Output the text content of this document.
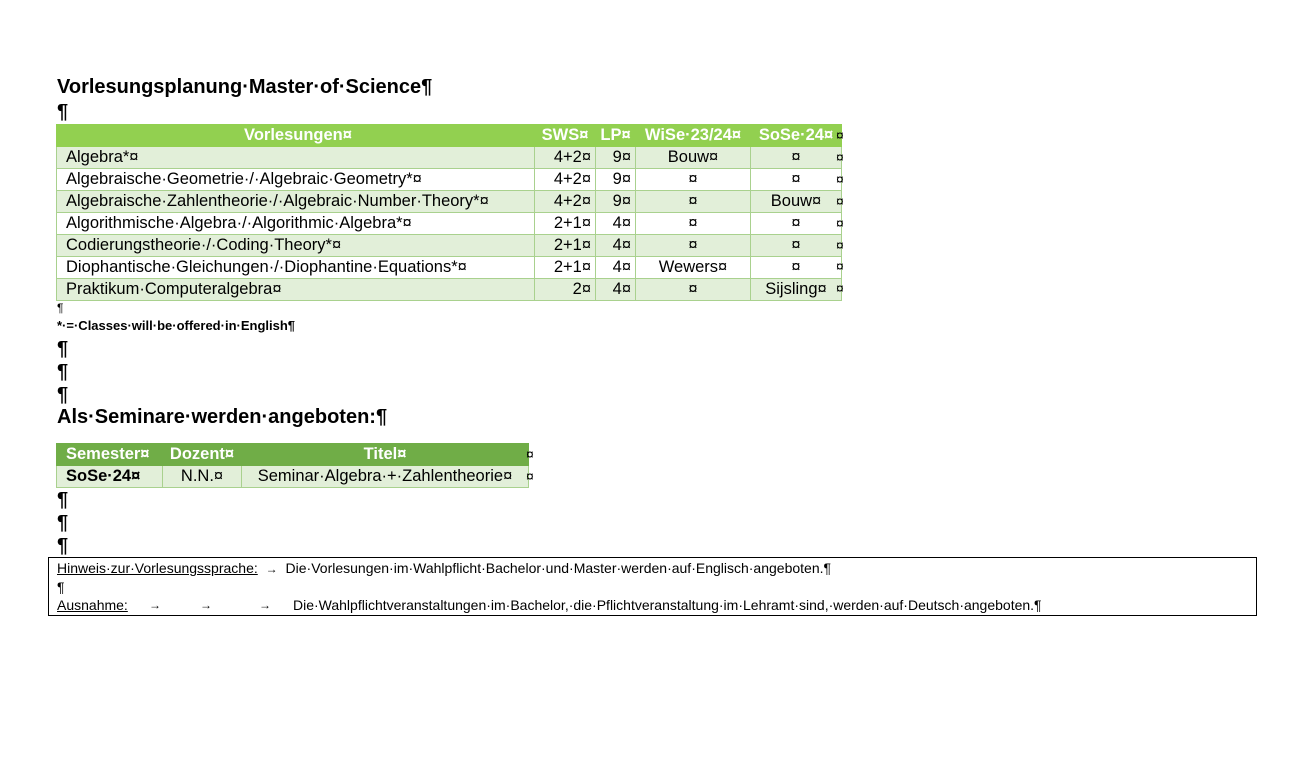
Vorlesungsplanung·Master·of·Science¶
¶
Vorlesungen¤	SWS¤	LP¤	WiSe·23/24¤	SoSe·24¤
Algebra*¤	4+2¤	9¤	Bouw¤	¤
Algebraische·Geometrie·/·Algebraic·Geometry*¤	4+2¤	9¤	¤	¤
Algebraische·Zahlentheorie·/·Algebraic·Number·Theory*¤	4+2¤	9¤	¤	Bouw¤
Algorithmische·Algebra·/·Algorithmic·Algebra*¤	2+1¤	4¤	¤	¤
Codierungstheorie·/·Coding·Theory*¤	2+1¤	4¤	¤	¤
Diophantische·Gleichungen·/·Diophantine·Equations*¤	2+1¤	4¤	Wewers¤	¤
Praktikum·Computeralgebra¤	2¤	4¤	¤	Sijsling¤
¤
¤
¤
¤
¤
¤
¤
¤
¶
*·=·Classes·will·be·offered·in·English¶
¶
¶
¶
Als·Seminare·werden·angeboten:¶
Semester¤	Dozent¤	Titel¤
SoSe·24¤	N.N.¤	Seminar·Algebra·+·Zahlentheorie¤
¤
¤
¶
¶
¶
Hinweis·zur·Vorlesungssprache: → Die·Vorlesungen·im·Wahlpflicht·Bachelor·und·Master·werden·auf·Englisch·angeboten.¶
¶
Ausnahme: →	→	→ Die·Wahlpflichtveranstaltungen·im·Bachelor,·die·Pflichtveranstaltung·im·Lehramt·sind,·werden·auf·Deutsch·angeboten.¶
